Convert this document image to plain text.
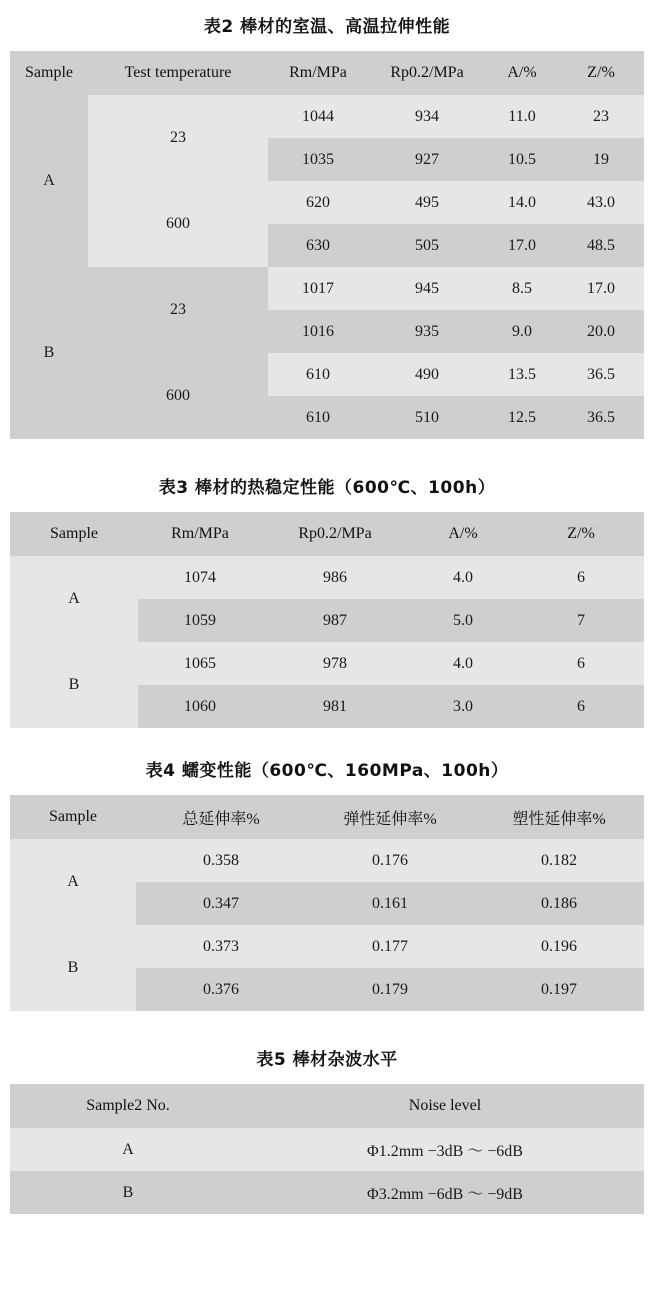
表2 棒材的室温、高温拉伸性能
Sample	Test temperature	Rm/MPa	Rp0.2/MPa	A/%	Z/%
A	23	1044	934	11.0	23
		1035	927	10.5	19
	600	620	495	14.0	43.0
		630	505	17.0	48.5
B	23	1017	945	8.5	17.0
		1016	935	9.0	20.0
	600	610	490	13.5	36.5
		610	510	12.5	36.5
表3 棒材的热稳定性能（600℃、100h）
Sample	Rm/MPa	Rp0.2/MPa	A/%	Z/%
A	1074	986	4.0	6
	1059	987	5.0	7
B	1065	978	4.0	6
	1060	981	3.0	6
表4 蠕变性能（600℃、160MPa、100h）
Sample	总延伸率%	弹性延伸率%	塑性延伸率%
A	0.358	0.176	0.182
	0.347	0.161	0.186
B	0.373	0.177	0.196
	0.376	0.179	0.197
表5 棒材杂波水平
Sample2 No.	Noise level
A	Φ1.2mm −3dB ～ −6dB
B	Φ3.2mm −6dB ～ −9dB
